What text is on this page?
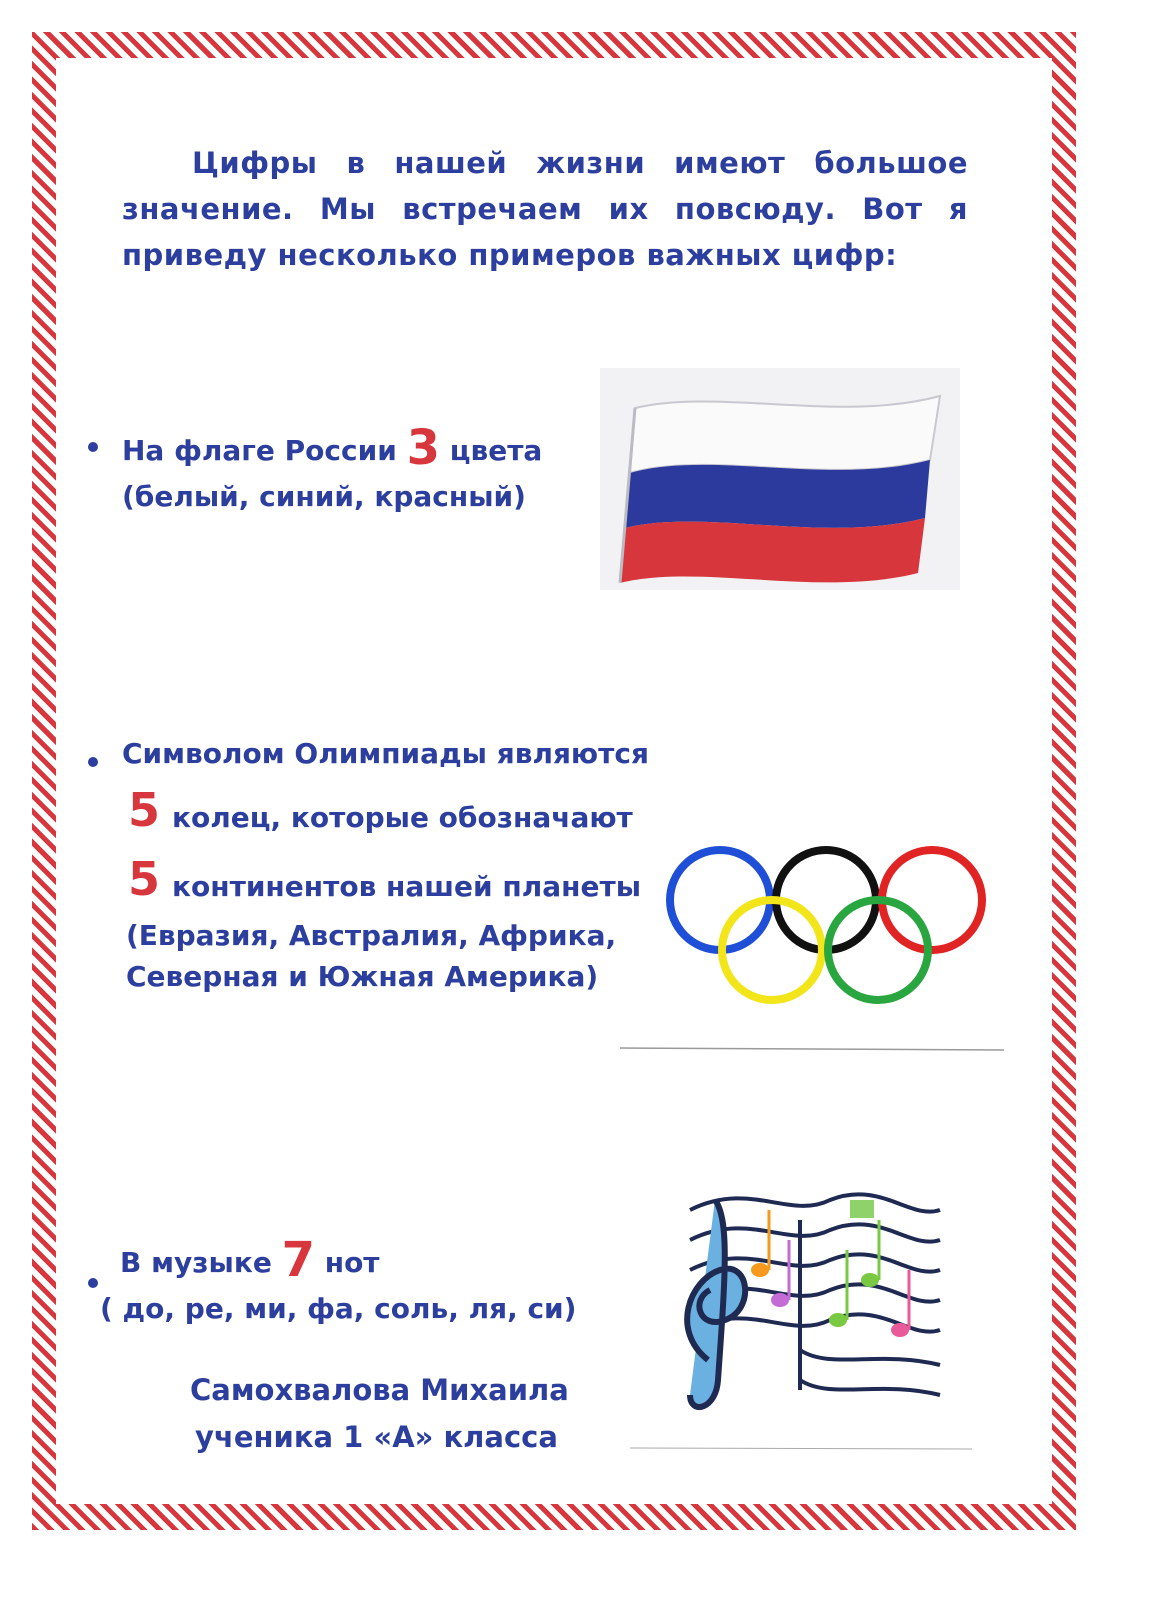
Цифры в нашей жизни имеют большое значение. Мы встречаем их повсюду. Вот я приведу несколько примеров важных цифр:

На флаге России 3 цвета
(белый, синий, красный)
Символом Олимпиады являются
5 колец, которые обозначают
5 континентов нашей планеты
(Евразия, Австралия, Африка,
Северная и Южная Америка)
В музыке 7 нот
( до, ре, ми, фа, соль, ля, си)
Самохвалова Михаила
ученика 1 «А» класса
